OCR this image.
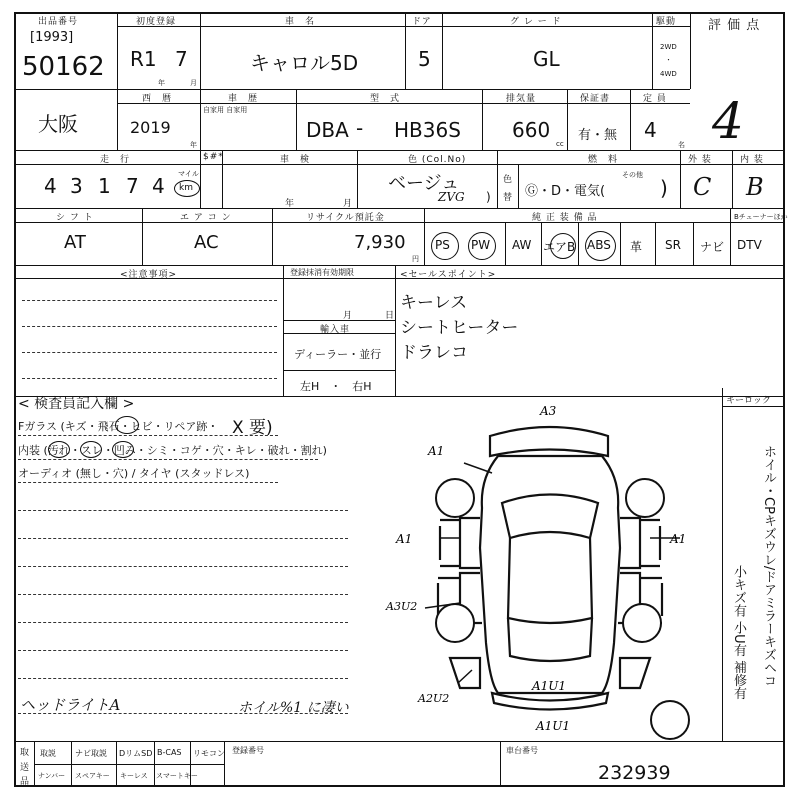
出品番号
[1993]
50162
初度登録
R1 7
年	月
車　名
キャロル5D
ドア
5
グ レ ー ド
GL
駆動
2WD
・
4WD
評 価 点
4
大阪
西　暦
2019
年
車　歴
自家用 自家用
型　式
DBA - HB36S
排気量
660
cc
保証書
有・無
定 員
4
名
走　行
4 3 1 7 4 マイル
km
$#*	車　検
年	月
色 (Col.No)
ベージュ
ZVG )
色
替
燃　料
Ⓖ・D・電気(
その他
)
外 装
C
内 装
B
シ フ ト
AT
エ ア コ ン
AC
リサイクル預託金
7,930
円
純 正 装 備 品	Bチューナーほか
PS PW AW エアB ABS 革 SR ナビ DTV
<注意事項>	登録抹消有効期限
月	日
輸入車
ディーラー・並行
左H　・　右H
<セールスポイント>
キーレス
シートヒーター
ドラレコ
< 検査員記入欄 >
Fガラス (キズ・飛石・ヒビ・リペア跡・ X 要)
内装 (汚れ・スレ・凹み・シミ・コゲ・穴・キレ・破れ・割れ)
オーディオ (無し・穴) / タイヤ (スタッドレス)
ヘッドライトA	ホイル%1 に凄い
キーロック
ホイル・CPキズウレ/ドアミラーキズヘコ
小キズ有 小U有 補修有
A3
A1
A1	A1
A3U2
A2U2
A1U1
A1U1
取
送
品
取説 ナビ取説 DリムSD B-CAS リモコン
ナンバー スペアキー キーレス スマートキー
登録番号	車台番号
232939
